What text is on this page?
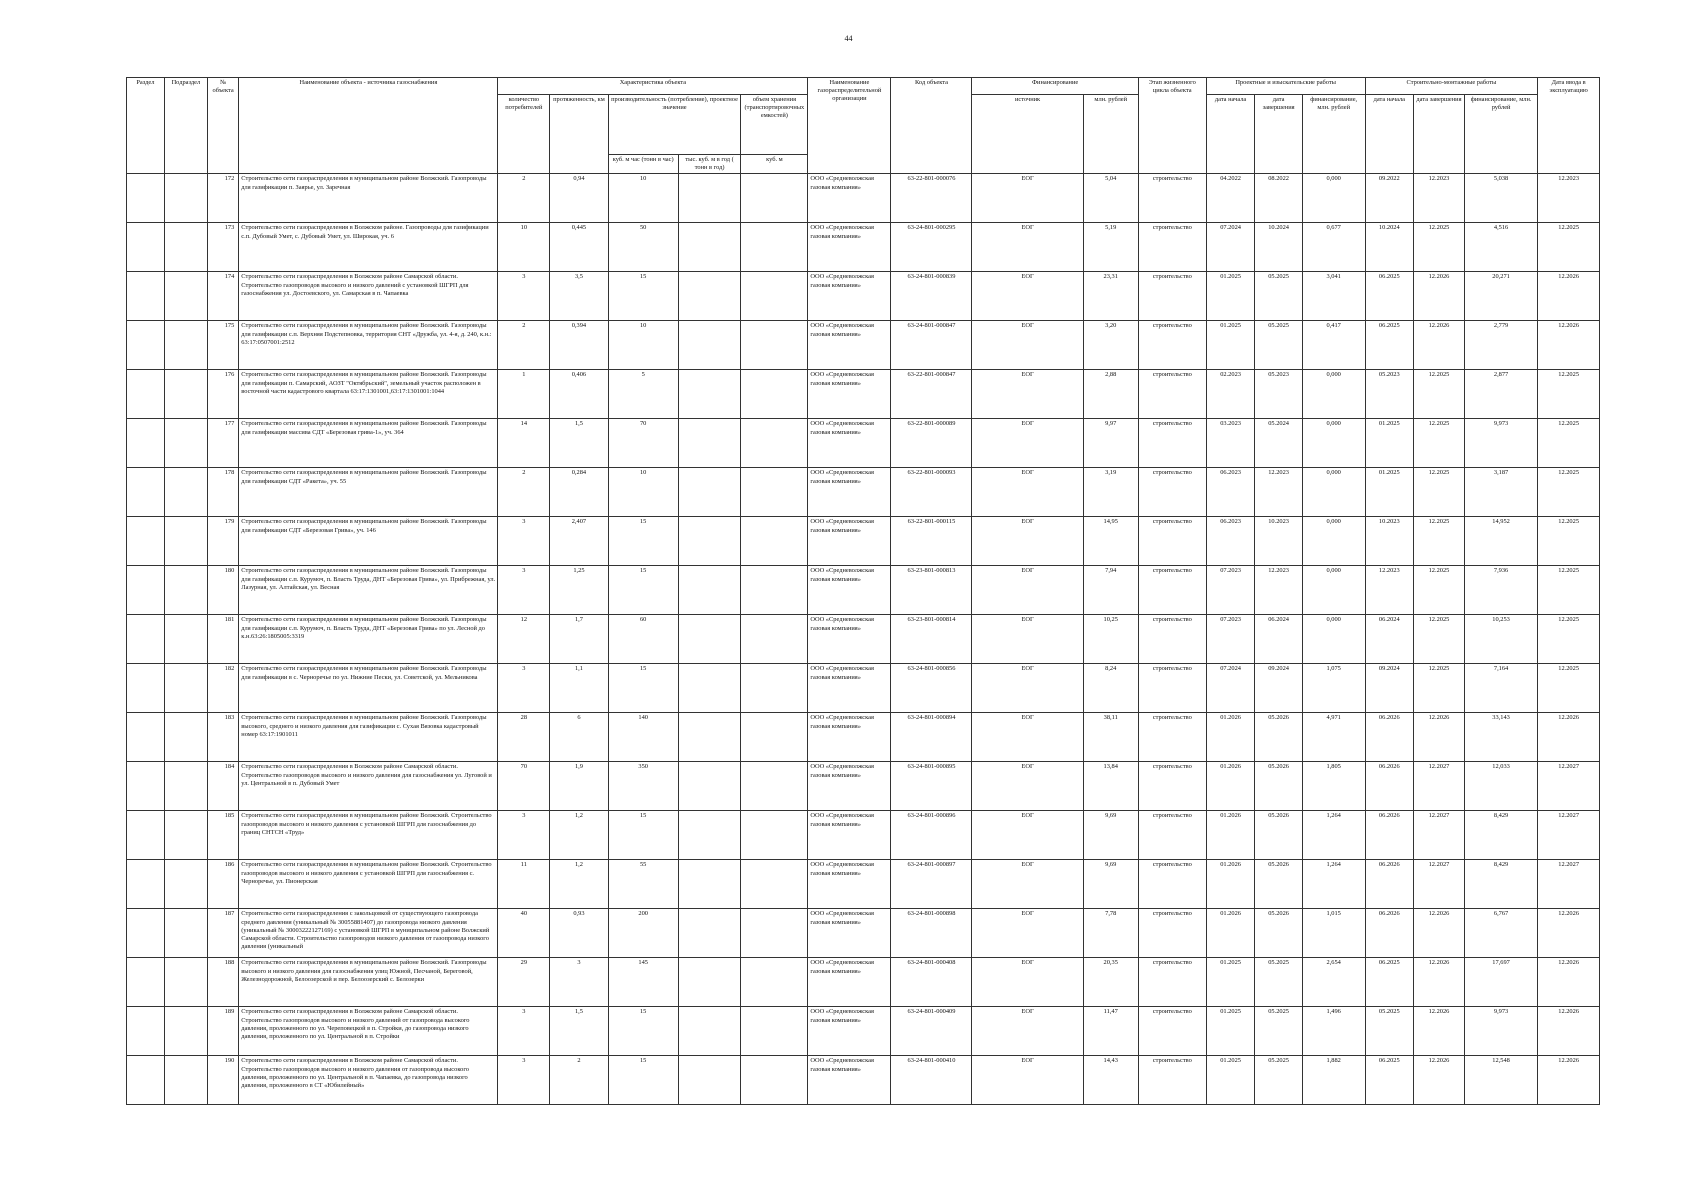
44
Раздел	Подраздел	№ объекта	Наименование объекта - источника газоснабжения	Характеристика объекта					Наименование газораспределительной организации	Код объекта	Финансирование		Этап жизненного цикла объекта	Проектные и изыскательские работы			Строительно-монтажные работы			Дата ввода в эксплуатацию
				количество потребителей	протяженность, км	производительность (потребление), проектное значение		объем хранения (транспортировочных емкостей)			источник	млн. рублей		дата начала	дата завершения	финансирование, млн. рублей	дата начала	дата завершения	финансирование, млн. рублей	
						куб. м час (тонн в час)	тыс. куб. м в год ( тонн в год)	куб. м												
		172	Строительство сети газораспределения в муниципальном районе Волжский. Газопроводы для газификации п. Заярье, ул. Заречная	2	0,94	10			ООО «Средневолжская газовая компания»	63-22-801-000076	ЕОГ	5,04	строительство	04.2022	08.2022	0,000	09.2022	12.2023	5,038	12.2023
		173	Строительство сети газораспределения в Волжском районе. Газопроводы для газификации с.п. Дубовый Умет, с. Дубовый Умет, ул. Широкая, уч. 6	10	0,445	50			ООО «Средневолжская газовая компания»	63-24-801-000295	ЕОГ	5,19	строительство	07.2024	10.2024	0,677	10.2024	12.2025	4,516	12.2025
		174	Строительство сети газораспределения в Волжском районе Самарской области. Строительство газопроводов высокого и низкого давлений с установкой ШГРП для газоснабжения ул. Достоевского, ул. Самарская в п. Чапаевка	3	3,5	15			ООО «Средневолжская газовая компания»	63-24-801-000839	ЕОГ	23,31	строительство	01.2025	05.2025	3,041	06.2025	12.2026	20,271	12.2026
		175	Строительство сети газораспределения в муниципальном районе Волжский. Газопроводы для газификации с.п. Верхняя Подстепновка, территория СНТ «Дружба, ул. 4-я, д. 240, к.н.: 63:17:0507001:2512	2	0,394	10			ООО «Средневолжская газовая компания»	63-24-801-000847	ЕОГ	3,20	строительство	01.2025	05.2025	0,417	06.2025	12.2026	2,779	12.2026
		176	Строительство сети газораспределения в муниципальном районе Волжский. Газопроводы для газификации п. Самарский, АОЗТ "Октябрьский", земельный участок расположен в восточной части кадастрового квартала 63:17:1301001,63:17:1301001:1044	1	0,406	5			ООО «Средневолжская газовая компания»	63-22-801-000847	ЕОГ	2,88	строительство	02.2023	05.2023	0,000	05.2023	12.2025	2,877	12.2025
		177	Строительство сети газораспределения в муниципальном районе Волжский. Газопроводы для газификации массива СДТ «Березовая грива-1», уч. 364	14	1,5	70			ООО «Средневолжская газовая компания»	63-22-801-000089	ЕОГ	9,97	строительство	03.2023	05.2024	0,000	01.2025	12.2025	9,973	12.2025
		178	Строительство сети газораспределения в муниципальном районе Волжский. Газопроводы для газификации СДТ «Ракета», уч. 55	2	0,284	10			ООО «Средневолжская газовая компания»	63-22-801-000093	ЕОГ	3,19	строительство	06.2023	12.2023	0,000	01.2025	12.2025	3,187	12.2025
		179	Строительство сети газораспределения в муниципальном районе Волжский. Газопроводы для газификации СДТ «Березовая Грива», уч. 146	3	2,407	15			ООО «Средневолжская газовая компания»	63-22-801-000115	ЕОГ	14,95	строительство	06.2023	10.2023	0,000	10.2023	12.2025	14,952	12.2025
		180	Строительство сети газораспределения в муниципальном районе Волжский. Газопроводы для газификации с.п. Курумоч, п. Власть Труда, ДНТ «Березовая Грива», ул. Прибрежная, ул. Лазурная, ул. Алтайская, ул. Весная	3	1,25	15			ООО «Средневолжская газовая компания»	63-23-801-000813	ЕОГ	7,94	строительство	07.2023	12.2023	0,000	12.2023	12.2025	7,936	12.2025
		181	Строительство сети газораспределения в муниципальном районе Волжский. Газопроводы для газификации с.п. Курумоч, п. Власть Труда, ДНТ «Березовая Грива» по ул. Лесной до к.н.63:26:1805005:3319	12	1,7	60			ООО «Средневолжская газовая компания»	63-23-801-000814	ЕОГ	10,25	строительство	07.2023	06.2024	0,000	06.2024	12.2025	10,253	12.2025
		182	Строительство сети газораспределения в муниципальном районе Волжский. Газопроводы для газификации в с. Черноречье по ул. Нижние Пески, ул. Советской, ул. Мельникова	3	1,1	15			ООО «Средневолжская газовая компания»	63-24-801-000856	ЕОГ	8,24	строительство	07.2024	09.2024	1,075	09.2024	12.2025	7,164	12.2025
		183	Строительство сети газораспределения в муниципальном районе Волжский. Газопроводы высокого, среднего и низкого давления для газификации с. Сухая Вязовка кадастровый номер 63:17:1901011	28	6	140			ООО «Средневолжская газовая компания»	63-24-801-000894	ЕОГ	38,11	строительство	01.2026	05.2026	4,971	06.2026	12.2026	33,143	12.2026
		184	Строительство сети газораспределения в Волжском районе Самарской области. Строительство газопроводов высокого и низкого давления для газоснабжения ул. Луговой и ул. Центральной в п. Дубовый Умет	70	1,9	350			ООО «Средневолжская газовая компания»	63-24-801-000895	ЕОГ	13,84	строительство	01.2026	05.2026	1,805	06.2026	12.2027	12,033	12.2027
		185	Строительство сети газораспределения в муниципальном районе Волжский. Строительство газопроводов высокого и низкого давления с установкой ШГРП для газоснабжения до границ СНТСН «Труд»	3	1,2	15			ООО «Средневолжская газовая компания»	63-24-801-000896	ЕОГ	9,69	строительство	01.2026	05.2026	1,264	06.2026	12.2027	8,429	12.2027
		186	Строительство сети газораспределения в муниципальном районе Волжский. Строительство газопроводов высокого и низкого давления с установкой ШГРП для газоснабжения с. Черноречье, ул. Пионерская	11	1,2	55			ООО «Средневолжская газовая компания»	63-24-801-000897	ЕОГ	9,69	строительство	01.2026	05.2026	1,264	06.2026	12.2027	8,429	12.2027
		187	Строительство сети газораспределения с закольцовкой от существующего газопровода среднего давления (уникальный № 30055881407) до газопровода низкого давления (уникальный № 30003222127169) с установкой ШГРП в муниципальном районе Волжский Самарской области. Строительство газопроводов низкого давления от газопровода низкого давления (уникальный	40	0,93	200			ООО «Средневолжская газовая компания»	63-24-801-000898	ЕОГ	7,78	строительство	01.2026	05.2026	1,015	06.2026	12.2026	6,767	12.2026
		188	Строительство сети газораспределения в муниципальном районе Волжский. Газопроводы высокого и низкого давления для газоснабжения улиц Южной, Песчаной, Береговой, Железнодорожной, Белоозерской и пер. Белоозерский с. Белозерки	29	3	145			ООО «Средневолжская газовая компания»	63-24-801-000408	ЕОГ	20,35	строительство	01.2025	05.2025	2,654	06.2025	12.2026	17,697	12.2026
		189	Строительство сети газораспределения в Волжском районе Самарской области. Строительство газопроводов высокого и низкого давлений от газопровода высокого давления, проложенного по ул. Череповецкой в п. Стройки, до газопровода низкого давления, проложенного по ул. Центральной в п. Стройки	3	1,5	15			ООО «Средневолжская газовая компания»	63-24-801-000409	ЕОГ	11,47	строительство	01.2025	05.2025	1,496	05.2025	12.2026	9,973	12.2026
		190	Строительство сети газораспределения в Волжском районе Самарской области. Строительство газопроводов высокого и низкого давления от газопровода высокого давления, проложенного по ул. Центральной в п. Чапаевка, до газопровода низкого давления, проложенного в СТ «Юбилейный»	3	2	15			ООО «Средневолжская газовая компания»	63-24-801-000410	ЕОГ	14,43	строительство	01.2025	05.2025	1,882	06.2025	12.2026	12,548	12.2026
